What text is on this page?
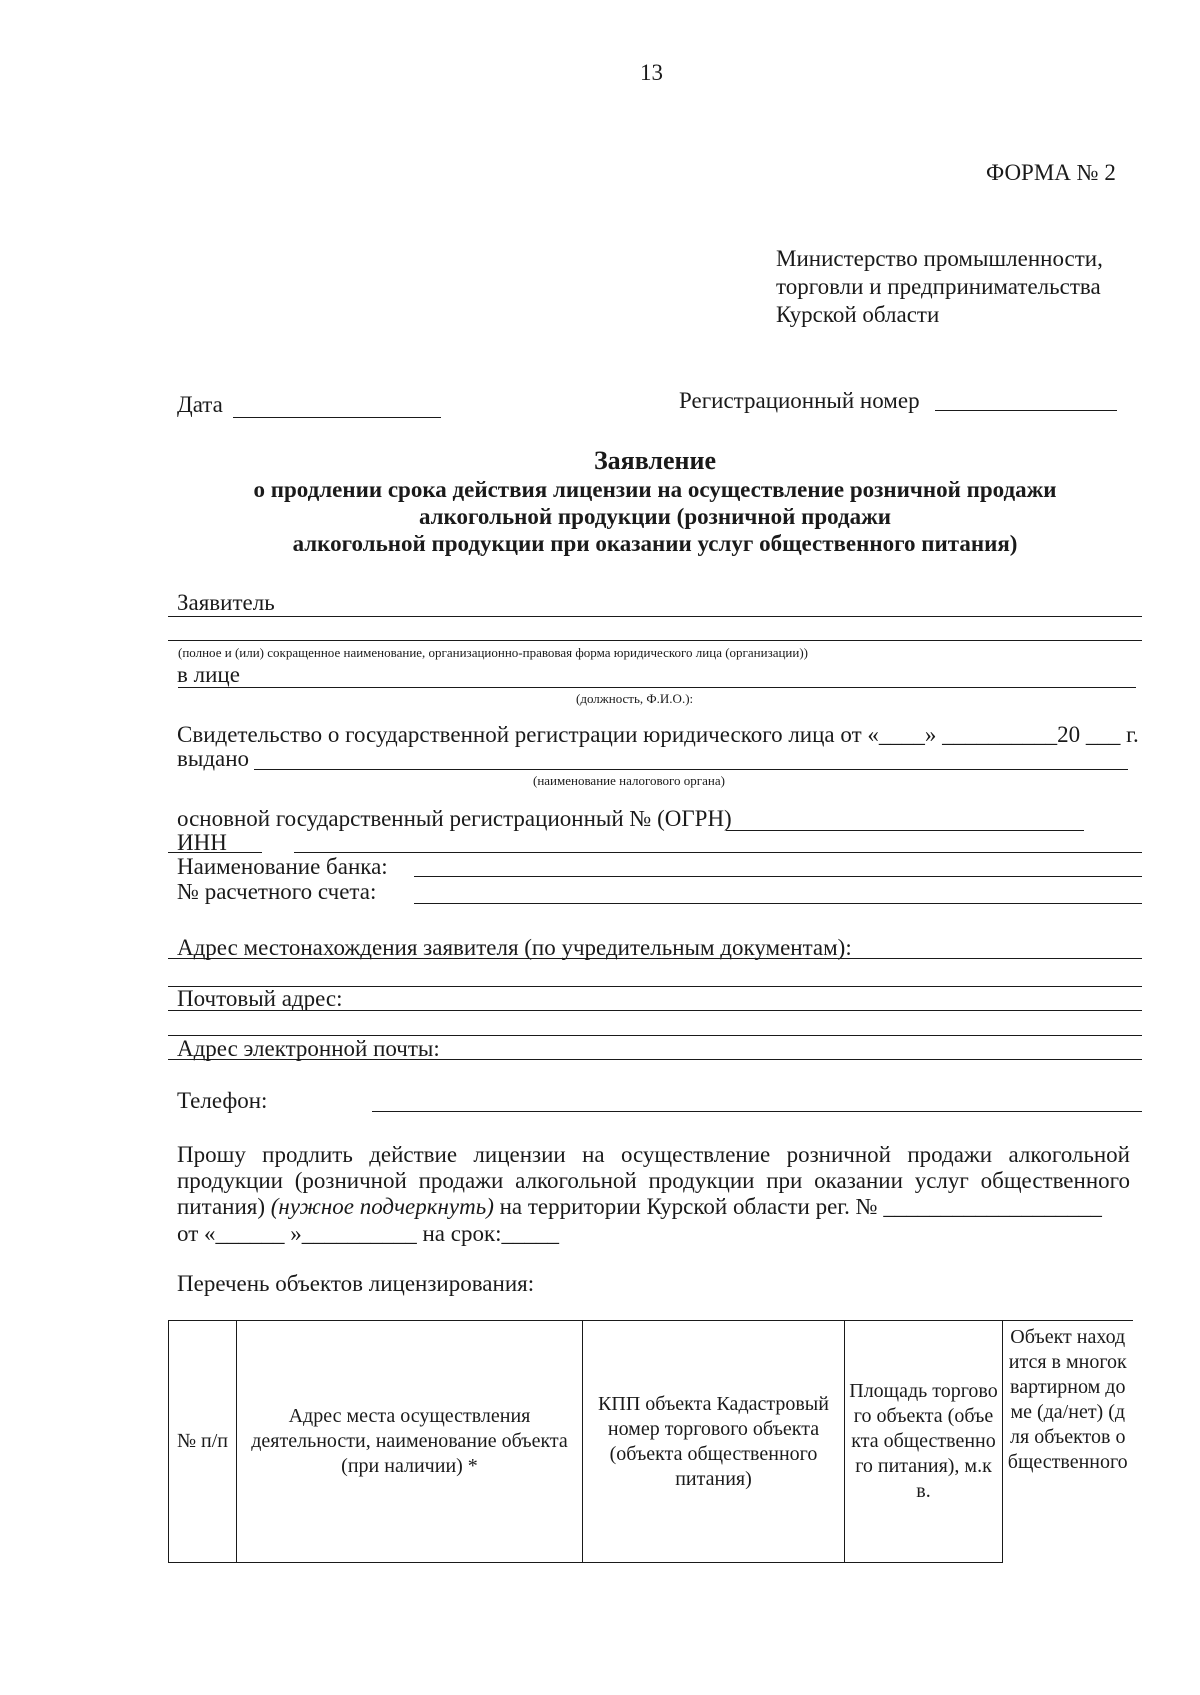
13
ФОРМА № 2
Министерство промышленности,
торговли и предпринимательства
Курской области
Дата	Регистрационный номер
Заявление
о продлении срока действия лицензии на осуществление розничной продажи
алкогольной продукции (розничной продажи
алкогольной продукции при оказании услуг общественного питания)
Заявитель
(полное и (или) сокращенное наименование, организационно-правовая форма юридического лица (организации))
в лице
(должность, Ф.И.О.):
Свидетельство о государственной регистрации юридического лица от «____» __________20 ___ г.
выдано
(наименование налогового органа)
основной государственный регистрационный № (ОГРН)
ИНН
Наименование банка:
№ расчетного счета:
Адрес местонахождения заявителя (по учредительным документам):
Почтовый адрес:
Адрес электронной почты:
Телефон:
Прошу продлить действие лицензии на осуществление розничной продажи алкогольной
продукции (розничной продажи алкогольной продукции при оказании услуг общественного
питания) (нужное подчеркнуть) на территории Курской области рег. № ___________________
от «______ »__________ на срок:_____
Перечень объектов лицензирования:
№ п/п	Адрес места осуществления деятельности, наименование объекта (при наличии) *	КПП объекта Кадастровый номер торгового объекта (объекта общественного питания)	Площадь торгового объекта (объекта общественного питания), м.кв.	Объект находится в многоквартирном доме (да/нет) (для объектов общественного
